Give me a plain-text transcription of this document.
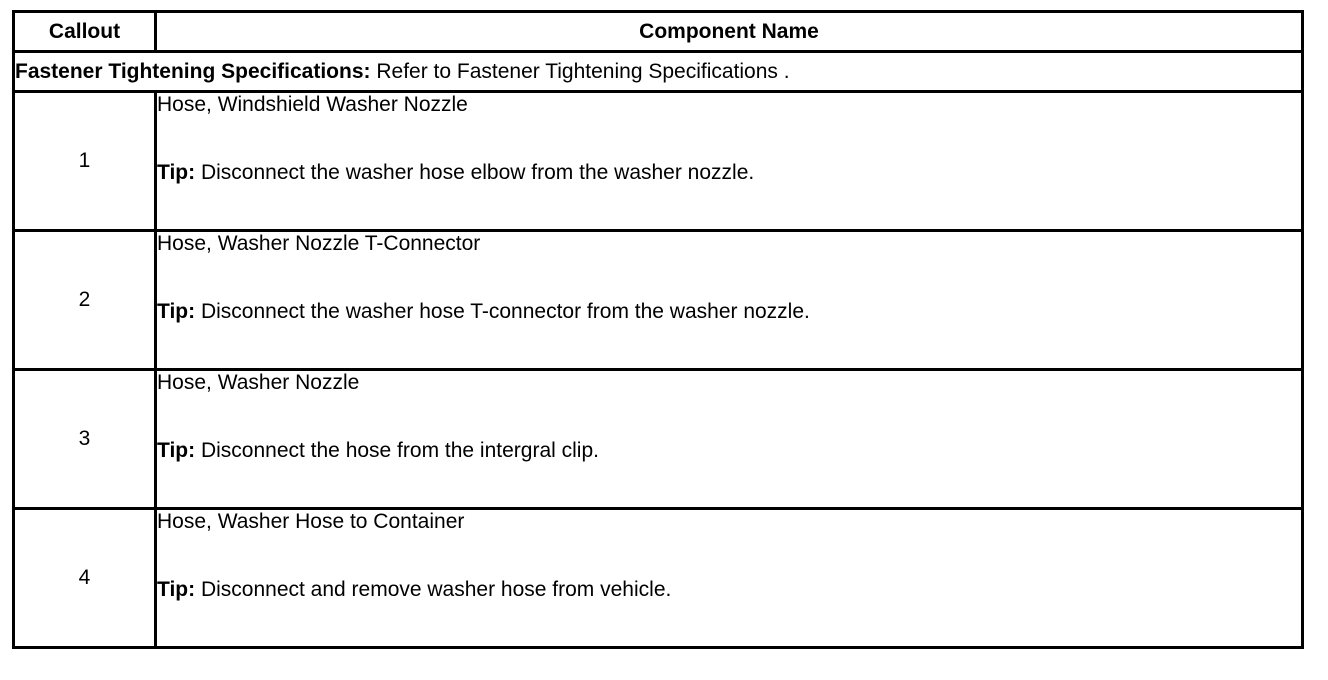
Callout	Component Name
Fastener Tightening Specifications: Refer to Fastener Tightening Specifications .	
1	Hose, Windshield Washer Nozzle
Tip: Disconnect the washer hose elbow from the washer nozzle.

2	Hose, Washer Nozzle T-Connector
Tip: Disconnect the washer hose T-connector from the washer nozzle.

3	Hose, Washer Nozzle
Tip: Disconnect the hose from the intergral clip.

4	Hose, Washer Hose to Container
Tip: Disconnect and remove washer hose from vehicle.
